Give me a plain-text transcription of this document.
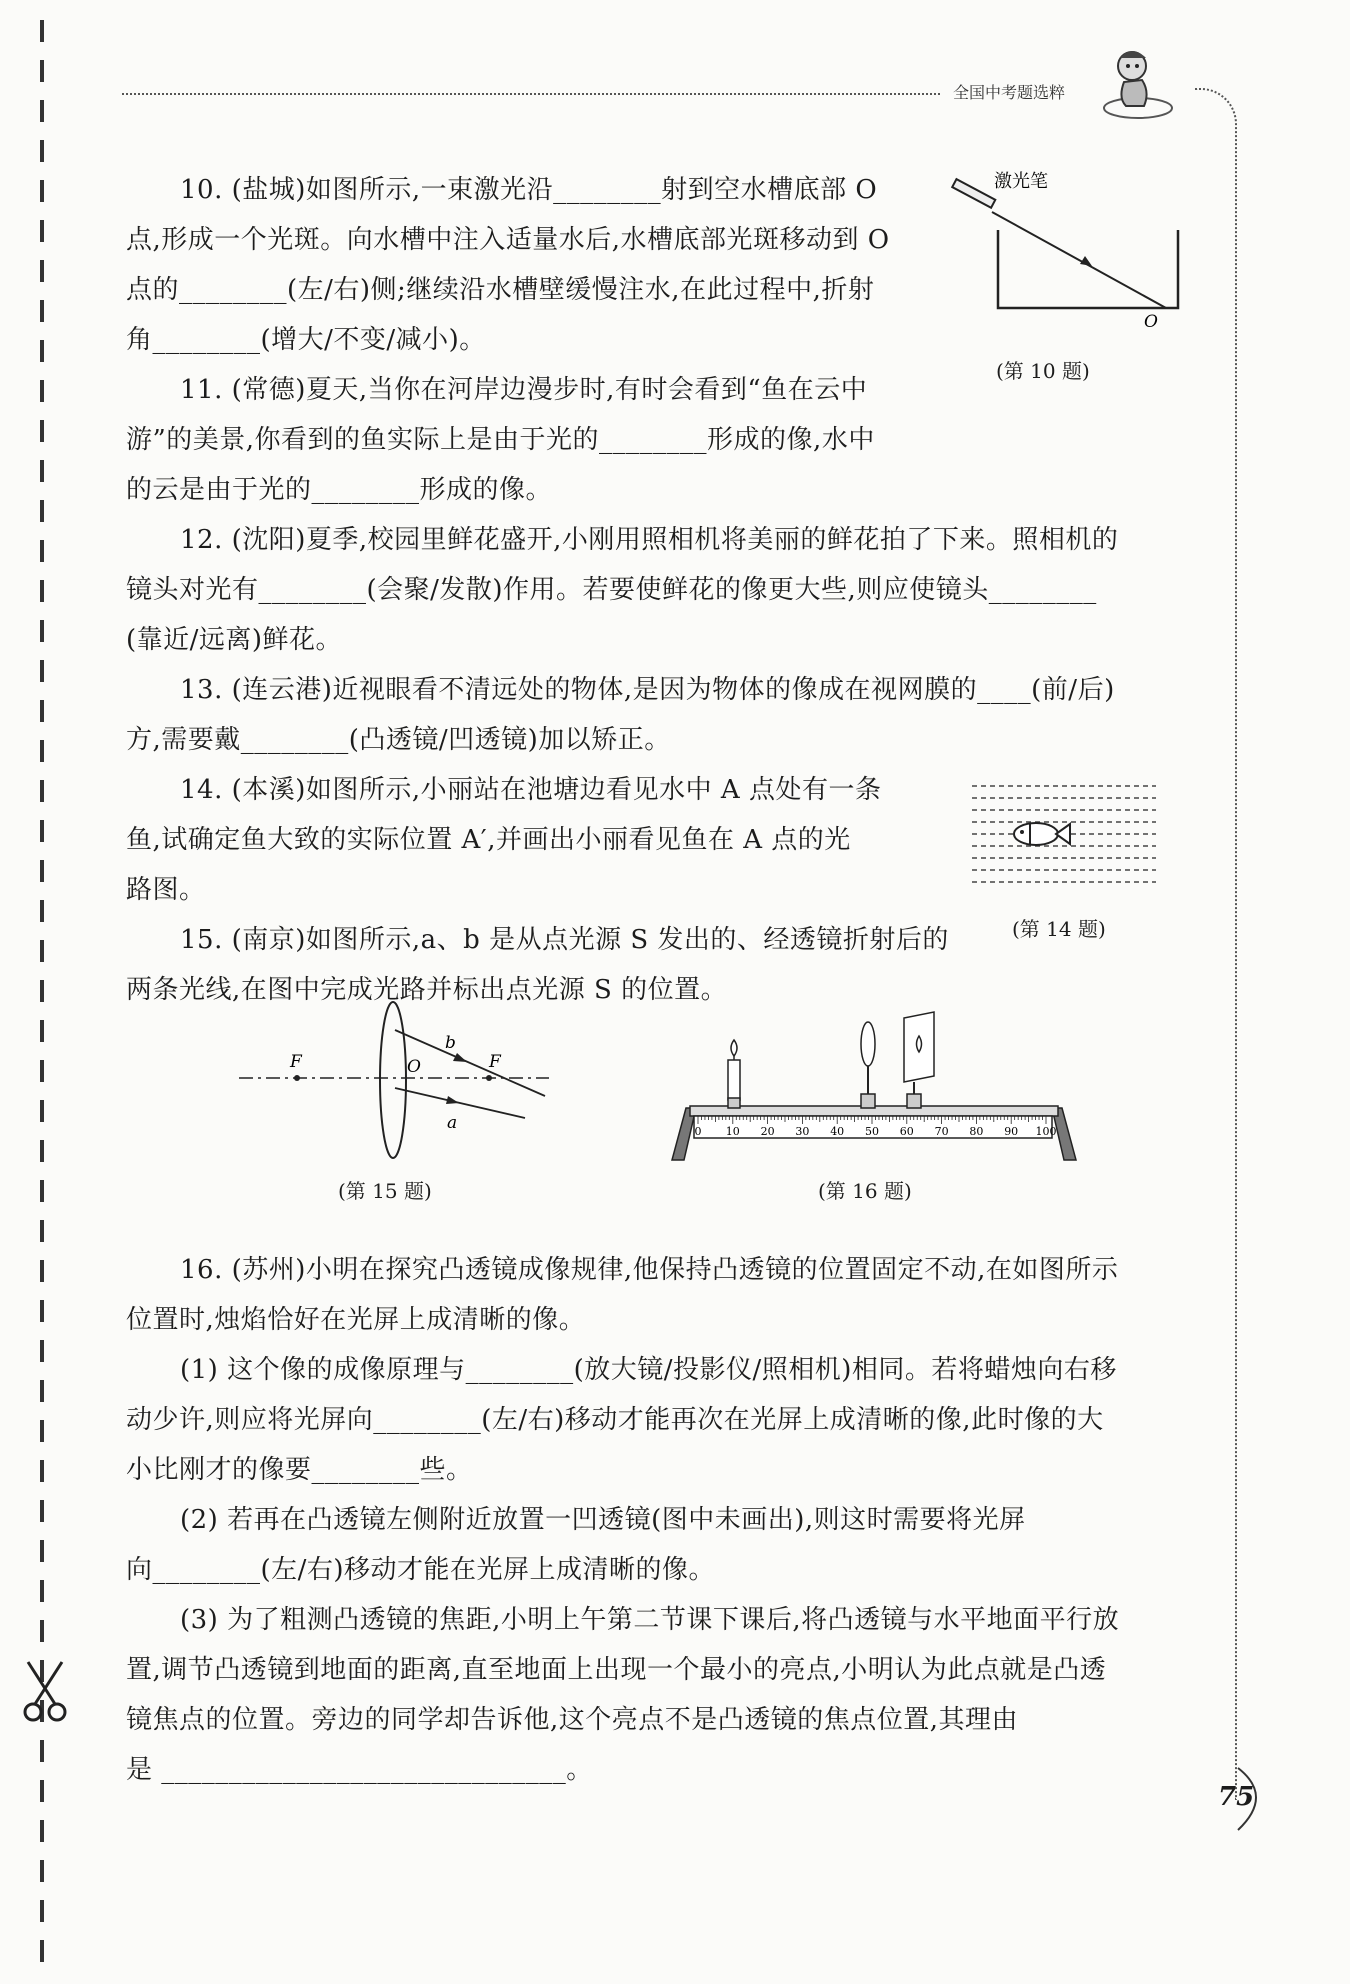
全国中考题选粹
75
10. (盐城)如图所示,一束激光沿________射到空水槽底部 O
点,形成一个光斑。向水槽中注入适量水后,水槽底部光斑移动到 O
点的________(左/右)侧;继续沿水槽壁缓慢注水,在此过程中,折射
角________(增大/不变/减小)。
11. (常德)夏天,当你在河岸边漫步时,有时会看到“鱼在云中
游”的美景,你看到的鱼实际上是由于光的________形成的像,水中
的云是由于光的________形成的像。
12. (沈阳)夏季,校园里鲜花盛开,小刚用照相机将美丽的鲜花拍了下来。照相机的
镜头对光有________(会聚/发散)作用。若要使鲜花的像更大些,则应使镜头________
(靠近/远离)鲜花。
13. (连云港)近视眼看不清远处的物体,是因为物体的像成在视网膜的____(前/后)
方,需要戴________(凸透镜/凹透镜)加以矫正。
14. (本溪)如图所示,小丽站在池塘边看见水中 A 点处有一条
鱼,试确定鱼大致的实际位置 A′,并画出小丽看见鱼在 A 点的光
路图。
15. (南京)如图所示,a、b 是从点光源 S 发出的、经透镜折射后的
两条光线,在图中完成光路并标出点光源 S 的位置。
16. (苏州)小明在探究凸透镜成像规律,他保持凸透镜的位置固定不动,在如图所示
位置时,烛焰恰好在光屏上成清晰的像。
(1) 这个像的成像原理与________(放大镜/投影仪/照相机)相同。若将蜡烛向右移
动少许,则应将光屏向________(左/右)移动才能再次在光屏上成清晰的像,此时像的大
小比刚才的像要________些。
(2) 若再在凸透镜左侧附近放置一凹透镜(图中未画出),则这时需要将光屏
向________(左/右)移动才能在光屏上成清晰的像。
(3) 为了粗测凸透镜的焦距,小明上午第二节课下课后,将凸透镜与水平地面平行放
置,调节凸透镜到地面的距离,直至地面上出现一个最小的亮点,小明认为此点就是凸透
镜焦点的位置。旁边的同学却告诉他,这个亮点不是凸透镜的焦点位置,其理由
是 ______________________________。
激光笔
O
(第 10 题)
(第 14 题)
F	F
O
b
a
(第 15 题)
0 10 20 30 40 50 60 70 80 90 100
(第 16 题)
